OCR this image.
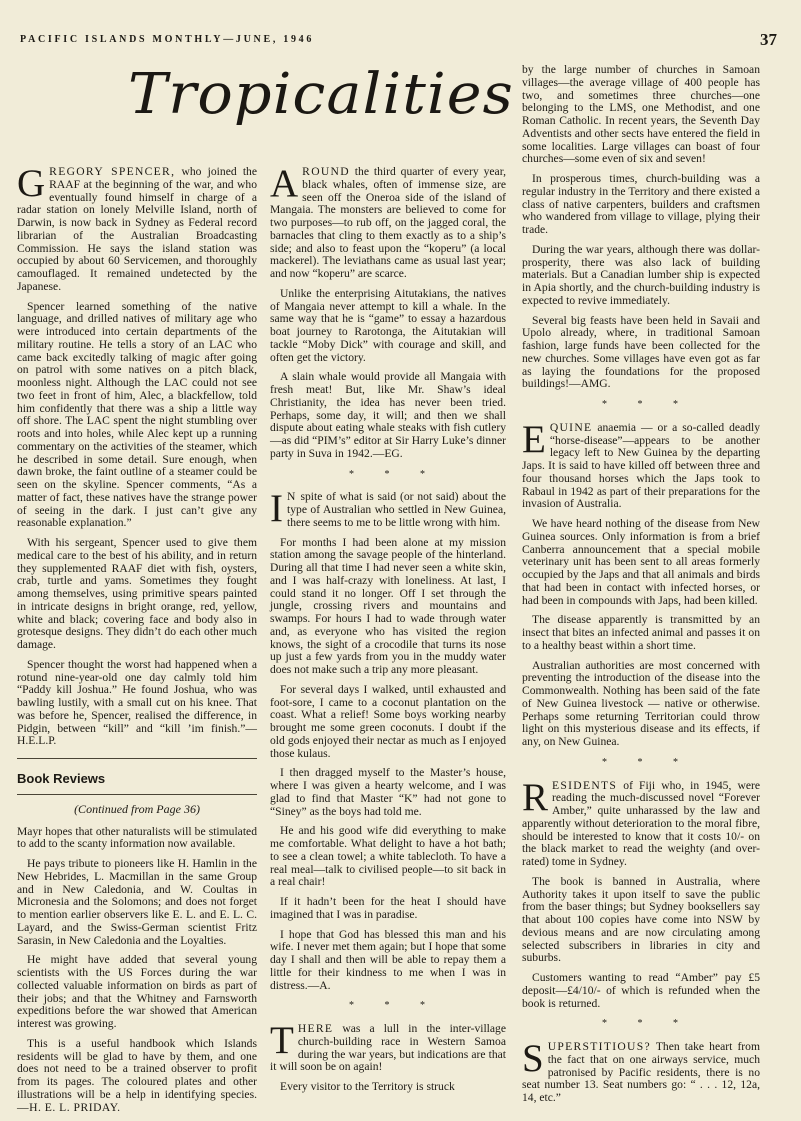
PACIFIC ISLANDS MONTHLY—JUNE, 1946	37
Tropicalities

GREGORY SPENCER, who joined the RAAF at the beginning of the war, and who eventually found himself in charge of a radar station on lonely Melville Island, north of Darwin, is now back in Sydney as Federal record librarian of the Australian Broadcasting Commission. He says the island station was occupied by about 60 Servicemen, and thoroughly camouflaged. It remained undetected by the Japanese.

Spencer learned something of the native language, and drilled natives of military age who were introduced into certain departments of the military routine. He tells a story of an LAC who came back excitedly talking of magic after going on patrol with some natives on a pitch black, moonless night. Although the LAC could not see two feet in front of him, Alec, a blackfellow, told him confidently that there was a ship a little way off shore. The LAC spent the night stumbling over roots and into holes, while Alec kept up a running commentary on the activities of the steamer, which he described in some detail. Sure enough, when dawn broke, the faint outline of a steamer could be seen on the skyline. Spencer comments, “As a matter of fact, these natives have the strange power of seeing in the dark. I just can’t give any reasonable explanation.”

With his sergeant, Spencer used to give them medical care to the best of his ability, and in return they supplemented RAAF diet with fish, oysters, crab, turtle and yams. Sometimes they fought among themselves, using primitive spears painted in intricate designs in bright orange, red, yellow, white and black; covering face and body also in grotesque designs. They didn’t do each other much damage.

Spencer thought the worst had happened when a rotund nine-year-old one day calmly told him “Paddy kill Joshua.” He found Joshua, who was bawling lustily, with a small cut on his knee. That was before he, Spencer, realised the difference, in Pidgin, between “kill” and “kill ’im finish.”—H.E.L.P.

Book Reviews
(Continued from Page 36)

Mayr hopes that other naturalists will be stimulated to add to the scanty information now available.

He pays tribute to pioneers like H. Hamlin in the New Hebrides, L. Macmillan in the same Group and in New Caledonia, and W. Coultas in Micronesia and the Solomons; and does not forget to mention earlier observers like E. L. and E. L. C. Layard, and the Swiss-German scientist Fritz Sarasin, in New Caledonia and the Loyalties.

He might have added that several young scientists with the US Forces during the war collected valuable information on birds as part of their jobs; and that the Whitney and Farnsworth expeditions before the war showed that American interest was growing.

This is a useful handbook which Islands residents will be glad to have by them, and one does not need to be a trained observer to profit from its pages. The coloured plates and other illustrations will be a help in identifying species. —H. E. L. PRIDAY.

AROUND the third quarter of every year, black whales, often of immense size, are seen off the Oneroa side of the island of Mangaia. The monsters are believed to come for two purposes—to rub off, on the jagged coral, the barnacles that cling to them exactly as to a ship’s side; and also to feast upon the “koperu” (a local mackerel). The leviathans came as usual last year; and now “koperu” are scarce.

Unlike the enterprising Aitutakians, the natives of Mangaia never attempt to kill a whale. In the same way that he is “game” to essay a hazardous boat journey to Rarotonga, the Aitutakian will tackle “Moby Dick” with courage and skill, and often get the victory.

A slain whale would provide all Mangaia with fresh meat! But, like Mr. Shaw’s ideal Christianity, the idea has never been tried. Perhaps, some day, it will; and then we shall dispute about eating whale steaks with fish cutlery—as did “PIM’s” editor at Sir Harry Luke’s dinner party in Suva in 1942.—EG.

* * *

I N spite of what is said (or not said) about the type of Australian who settled in New Guinea, there seems to me to be little wrong with him.

For months I had been alone at my mission station among the savage people of the hinterland. During all that time I had never seen a white skin, and I was half-crazy with loneliness. At last, I could stand it no longer. Off I set through the jungle, crossing rivers and mountains and swamps. For hours I had to wade through water and, as everyone who has visited the region knows, the sight of a crocodile that turns its nose up just a few yards from you in the muddy water does not make such a trip any more pleasant.

For several days I walked, until exhausted and foot-sore, I came to a coconut plantation on the coast. What a relief! Some boys working nearby brought me some green coconuts. I doubt if the old gods enjoyed their nectar as much as I enjoyed those kulaus.

I then dragged myself to the Master’s house, where I was given a hearty welcome, and I was glad to find that Master “K” had not gone to “Siney” as the boys had told me.

He and his good wife did everything to make me comfortable. What delight to have a hot bath; to see a clean towel; a white tablecloth. To have a real meal—talk to civilised people—to sit back in a real chair!

If it hadn’t been for the heat I should have imagined that I was in paradise.

I hope that God has blessed this man and his wife. I never met them again; but I hope that some day I shall and then will be able to repay them a little for their kindness to me when I was in distress.—A.

* * *

THERE was a lull in the inter-village church-building race in Western Samoa during the war years, but indications are that it will soon be on again!

Every visitor to the Territory is struck

by the large number of churches in Samoan villages—the average village of 400 people has two, and sometimes three churches—one belonging to the LMS, one Methodist, and one Roman Catholic. In recent years, the Seventh Day Adventists and other sects have entered the field in some localities. Large villages can boast of four churches—some even of six and seven!

In prosperous times, church-building was a regular industry in the Territory and there existed a class of native carpenters, builders and craftsmen who wandered from village to village, plying their trade.

During the war years, although there was dollar-prosperity, there was also lack of building materials. But a Canadian lumber ship is expected in Apia shortly, and the church-building industry is expected to revive immediately.

Several big feasts have been held in Savaii and Upolo already, where, in traditional Samoan fashion, large funds have been collected for the new churches. Some villages have even got as far as laying the foundations for the proposed buildings!—AMG.

* * *

EQUINE anaemia — or a so-called deadly “horse-disease”—appears to be another legacy left to New Guinea by the departing Japs. It is said to have killed off between three and four thousand horses which the Japs took to Rabaul in 1942 as part of their preparations for the invasion of Australia.

We have heard nothing of the disease from New Guinea sources. Only information is from a brief Canberra announcement that a special mobile veterinary unit has been sent to all areas formerly occupied by the Japs and that all animals and birds that had been in contact with infected horses, or had been in compounds with Japs, had been killed.

The disease apparently is transmitted by an insect that bites an infected animal and passes it on to a healthy beast within a short time.

Australian authorities are most concerned with preventing the introduction of the disease into the Commonwealth. Nothing has been said of the fate of New Guinea livestock — native or otherwise. Perhaps some returning Territorian could throw light on this mysterious disease and its effects, if any, on New Guinea.

* * *

RESIDENTS of Fiji who, in 1945, were reading the much-discussed novel “Forever Amber,” quite unharassed by the law and apparently without deterioration to the moral fibre, should be interested to know that it costs 10/- on the black market to read the weighty (and over-rated) tome in Sydney.

The book is banned in Australia, where Authority takes it upon itself to save the public from the baser things; but Sydney booksellers say that about 100 copies have come into NSW by devious means and are now circulating among selected subscribers in libraries in city and suburbs.

Customers wanting to read “Amber” pay £5 deposit—£4/10/- of which is refunded when the book is returned.

* * *

SUPERSTITIOUS? Then take heart from the fact that on one airways service, much patronised by Pacific residents, there is no seat number 13. Seat numbers go: “ . . . 12, 12a, 14, etc.”
